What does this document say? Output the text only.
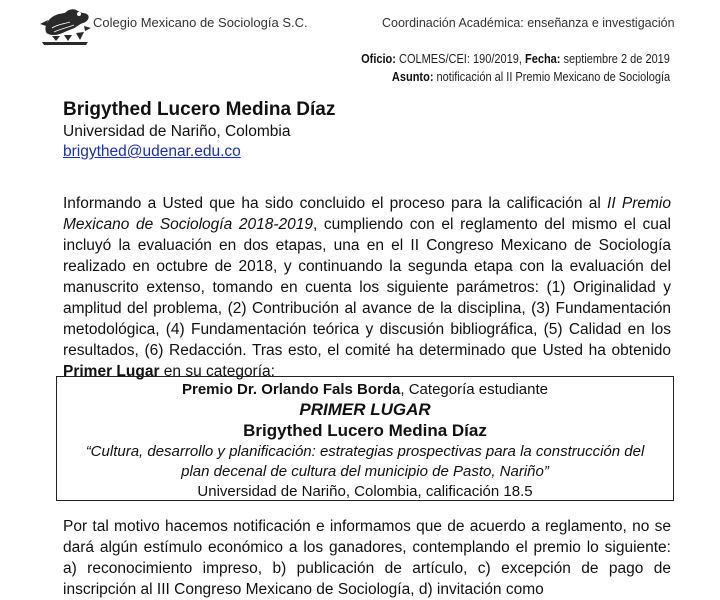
Colegio Mexicano de Sociología S.C.	Coordinación Académica: enseñanza e investigación
Oficio: COLMES/CEI: 190/2019, Fecha: septiembre 2 de 2019
Asunto: notificación al II Premio Mexicano de Sociología
Brigythed Lucero Medina Díaz
Universidad de Nariño, Colombia
brigythed@udenar.edu.co

Informando a Usted que ha sido concluido el proceso para la calificación al II Premio Mexicano de Sociología 2018-2019, cumpliendo con el reglamento del mismo el cual incluyó la evaluación en dos etapas, una en el II Congreso Mexicano de Sociología realizado en octubre de 2018, y continuando la segunda etapa con la evaluación del manuscrito extenso, tomando en cuenta los siguiente parámetros: (1) Originalidad y amplitud del problema, (2) Contribución al avance de la disciplina, (3) Fundamentación metodológica, (4) Fundamentación teórica y discusión bibliográfica, (5) Calidad en los resultados, (6) Redacción. Tras esto, el comité ha determinado que Usted ha obtenido Primer Lugar en su categoría:

Premio Dr. Orlando Fals Borda, Categoría estudiante
PRIMER LUGAR
Brigythed Lucero Medina Díaz
“Cultura, desarrollo y planificación: estrategias prospectivas para la construcción del plan decenal de cultura del municipio de Pasto, Nariño”
Universidad de Nariño, Colombia, calificación 18.5

Por tal motivo hacemos notificación e informamos que de acuerdo a reglamento, no se dará algún estímulo económico a los ganadores, contemplando el premio lo siguiente: a) reconocimiento impreso, b) publicación de artículo, c) excepción de pago de inscripción al III Congreso Mexicano de Sociología, d) invitación como
